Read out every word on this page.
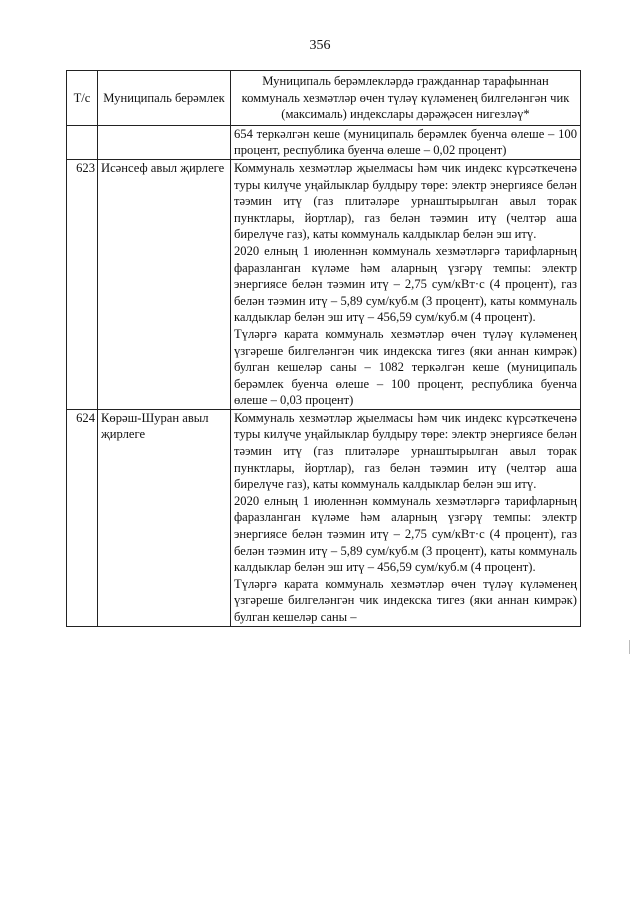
356
Т/с	Муниципаль берәмлек	Муниципаль берәмлекләрдә гражданнар тарафыннан коммуналь хезмәтләр өчен түләү күләменең билгеләнгән чик (максималь) индекслары дәрәҗәсен нигезләү*

		654 теркәлгән кеше (муниципаль берәмлек буенча өлеше – 100 процент, республика буенча өлеше – 0,02 процент)

623	Исәнсеф авыл җирлеге	Коммуналь хезмәтләр җыелмасы һәм чик индекс күрсәткеченә туры килүче уңайлыклар булдыру төре: электр энергиясе белән тәэмин итү (газ плитәләре урнаштырылган авыл торак пунктлары, йортлар), газ белән тәэмин итү (челтәр аша бирелүче газ), каты коммуналь калдыклар белән эш итү.

2020 елның 1 июленнән коммуналь хезмәтләргә тарифларның фаразланган күләме һәм аларның үзгәрү темпы: электр энергиясе белән тәэмин итү – 2,75 сум/кВт·с (4 процент), газ белән тәэмин итү – 5,89 сум/куб.м (3 процент), каты коммуналь калдыклар белән эш итү – 456,59 сум/куб.м (4 процент).

Түләргә карата коммуналь хезмәтләр өчен түләү күләменең үзгәреше билгеләнгән чик индекска тигез (яки аннан кимрәк) булган кешеләр саны – 1082 теркәлгән кеше (муниципаль берәмлек буенча өлеше – 100 процент, республика буенча өлеше – 0,03 процент)

624	Көрәш-Шуран авыл җирлеге	Коммуналь хезмәтләр җыелмасы һәм чик индекс күрсәткеченә туры килүче уңайлыклар булдыру төре: электр энергиясе белән тәэмин итү (газ плитәләре урнаштырылган авыл торак пунктлары, йортлар), газ белән тәэмин итү (челтәр аша бирелүче газ), каты коммуналь калдыклар белән эш итү.

2020 елның 1 июленнән коммуналь хезмәтләргә тарифларның фаразланган күләме һәм аларның үзгәрү темпы: электр энергиясе белән тәэмин итү – 2,75 сум/кВт·с (4 процент), газ белән тәэмин итү – 5,89 сум/куб.м (3 процент), каты коммуналь калдыклар белән эш итү – 456,59 сум/куб.м (4 процент).

Түләргә карата коммуналь хезмәтләр өчен түләү күләменең үзгәреше билгеләнгән чик индекска тигез (яки аннан кимрәк) булган кешеләр саны –
